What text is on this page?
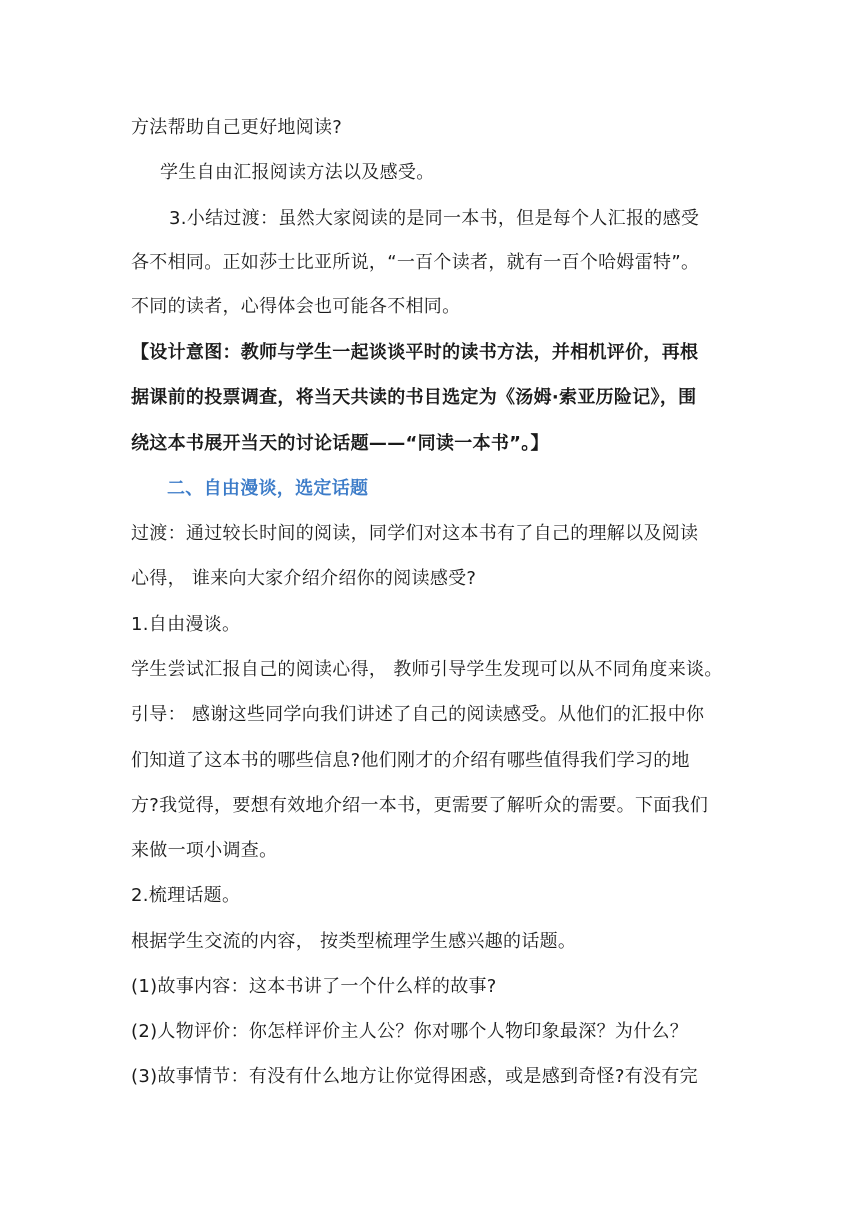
方法帮助自己更好地阅读?
学生自由汇报阅读方法以及感受。
3.小结过渡：虽然大家阅读的是同一本书，但是每个人汇报的感受
各不相同。正如莎士比亚所说，“一百个读者，就有一百个哈姆雷特”。
不同的读者，心得体会也可能各不相同。
【设计意图：教师与学生一起谈谈平时的读书方法，并相机评价，再根
据课前的投票调查，将当天共读的书目选定为《汤姆·索亚历险记》，围
绕这本书展开当天的讨论话题——“同读一本书”。】
二、自由漫谈，选定话题
过渡：通过较长时间的阅读，同学们对这本书有了自己的理解以及阅读
心得， 谁来向大家介绍介绍你的阅读感受?
1.自由漫谈。
学生尝试汇报自己的阅读心得， 教师引导学生发现可以从不同角度来谈。
引导： 感谢这些同学向我们讲述了自己的阅读感受。从他们的汇报中你
们知道了这本书的哪些信息?他们刚才的介绍有哪些值得我们学习的地
方?我觉得，要想有效地介绍一本书，更需要了解听众的需要。下面我们
来做一项小调查。
2.梳理话题。
根据学生交流的内容， 按类型梳理学生感兴趣的话题。
(1)故事内容：这本书讲了一个什么样的故事?
(2)人物评价：你怎样评价主人公？你对哪个人物印象最深？为什么？
(3)故事情节：有没有什么地方让你觉得困惑，或是感到奇怪?有没有完
